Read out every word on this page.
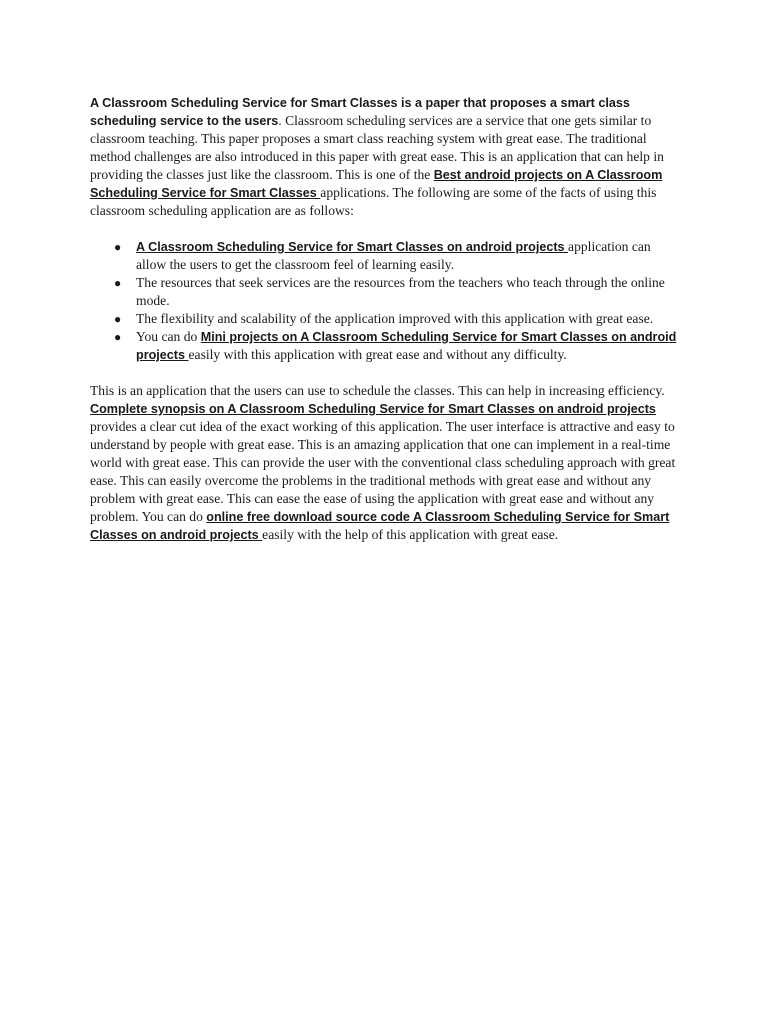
A Classroom Scheduling Service for Smart Classes is a paper that proposes a smart class scheduling service to the users. Classroom scheduling services are a service that one gets similar to classroom teaching. This paper proposes a smart class reaching system with great ease. The traditional method challenges are also introduced in this paper with great ease. This is an application that can help in providing the classes just like the classroom. This is one of the Best android projects on A Classroom Scheduling Service for Smart Classes applications. The following are some of the facts of using this classroom scheduling application are as follows:

● A Classroom Scheduling Service for Smart Classes on android projects application can allow the users to get the classroom feel of learning easily.
● The resources that seek services are the resources from the teachers who teach through the online mode.
● The flexibility and scalability of the application improved with this application with great ease.
● You can do Mini projects on A Classroom Scheduling Service for Smart Classes on android projects easily with this application with great ease and without any difficulty.

This is an application that the users can use to schedule the classes. This can help in increasing efficiency. Complete synopsis on A Classroom Scheduling Service for Smart Classes on android projects provides a clear cut idea of the exact working of this application. The user interface is attractive and easy to understand by people with great ease. This is an amazing application that one can implement in a real-time world with great ease. This can provide the user with the conventional class scheduling approach with great ease. This can easily overcome the problems in the traditional methods with great ease and without any problem with great ease. This can ease the ease of using the application with great ease and without any problem. You can do online free download source code A Classroom Scheduling Service for Smart Classes on android projects easily with the help of this application with great ease.
